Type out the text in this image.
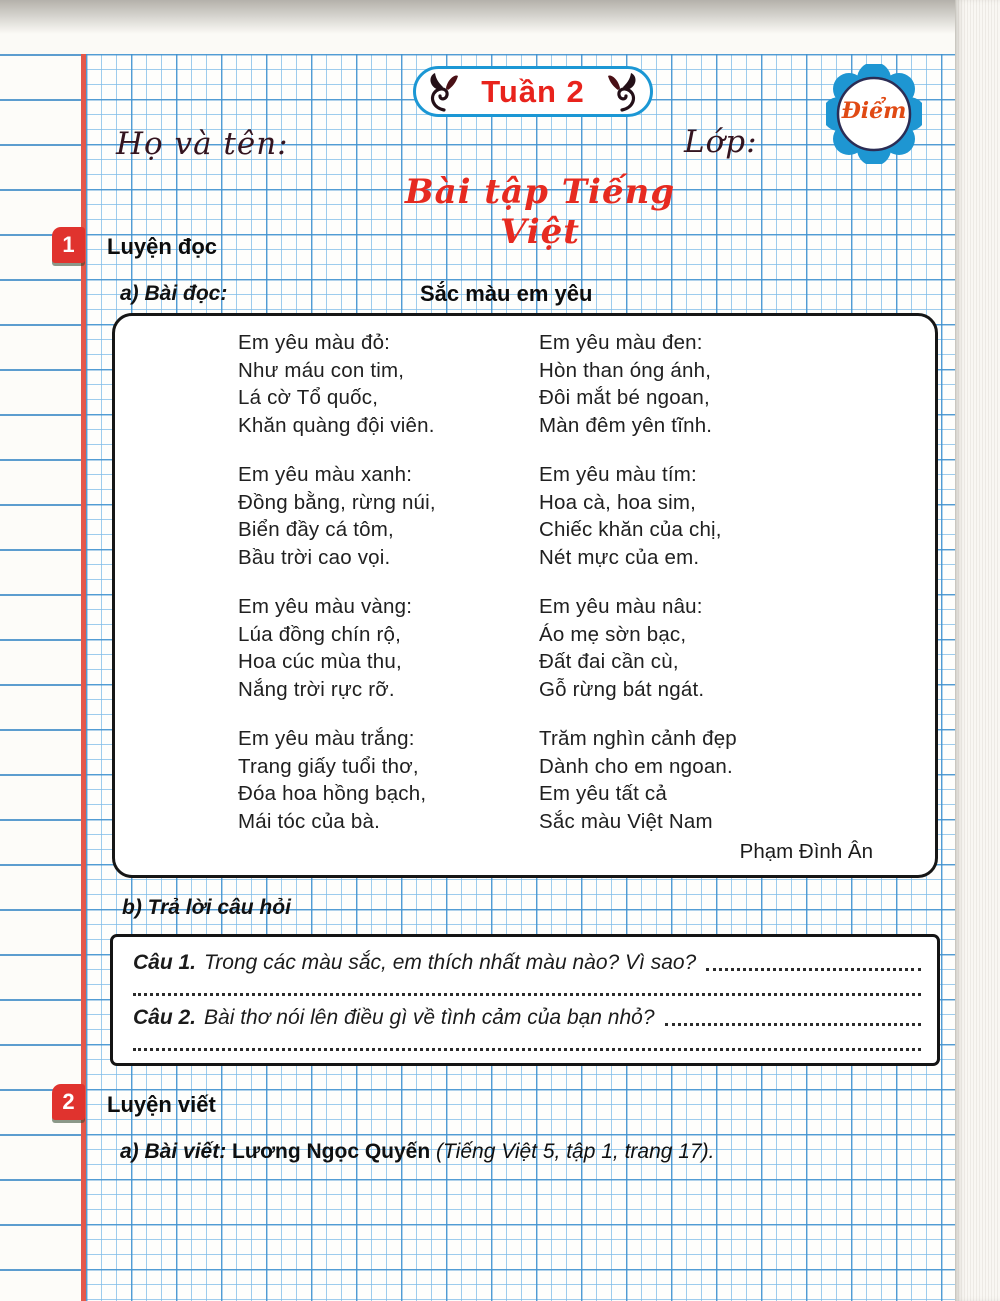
Tuần 2
Điểm
Họ và tên:	Lớp:
Bài tập Tiếng Việt
1	Luyện đọc
a) Bài đọc:	Sắc màu em yêu
Em yêu màu đỏ:
Như máu con tim,
Lá cờ Tổ quốc,
Khăn quàng đội viên.
Em yêu màu xanh:
Đồng bằng, rừng núi,
Biển đầy cá tôm,
Bầu trời cao vọi.
Em yêu màu vàng:
Lúa đồng chín rộ,
Hoa cúc mùa thu,
Nắng trời rực rỡ.
Em yêu màu trắng:
Trang giấy tuổi thơ,
Đóa hoa hồng bạch,
Mái tóc của bà.
Em yêu màu đen:
Hòn than óng ánh,
Đôi mắt bé ngoan,
Màn đêm yên tĩnh.
Em yêu màu tím:
Hoa cà, hoa sim,
Chiếc khăn của chị,
Nét mực của em.
Em yêu màu nâu:
Áo mẹ sờn bạc,
Đất đai cần cù,
Gỗ rừng bát ngát.
Trăm nghìn cảnh đẹp
Dành cho em ngoan.
Em yêu tất cả
Sắc màu Việt Nam
Phạm Đình Ân
b) Trả lời câu hỏi
Câu 1. Trong các màu sắc, em thích nhất màu nào? Vì sao?
Câu 2. Bài thơ nói lên điều gì về tình cảm của bạn nhỏ?
2	Luyện viết
a) Bài viết: Lương Ngọc Quyến (Tiếng Việt 5, tập 1, trang 17).
